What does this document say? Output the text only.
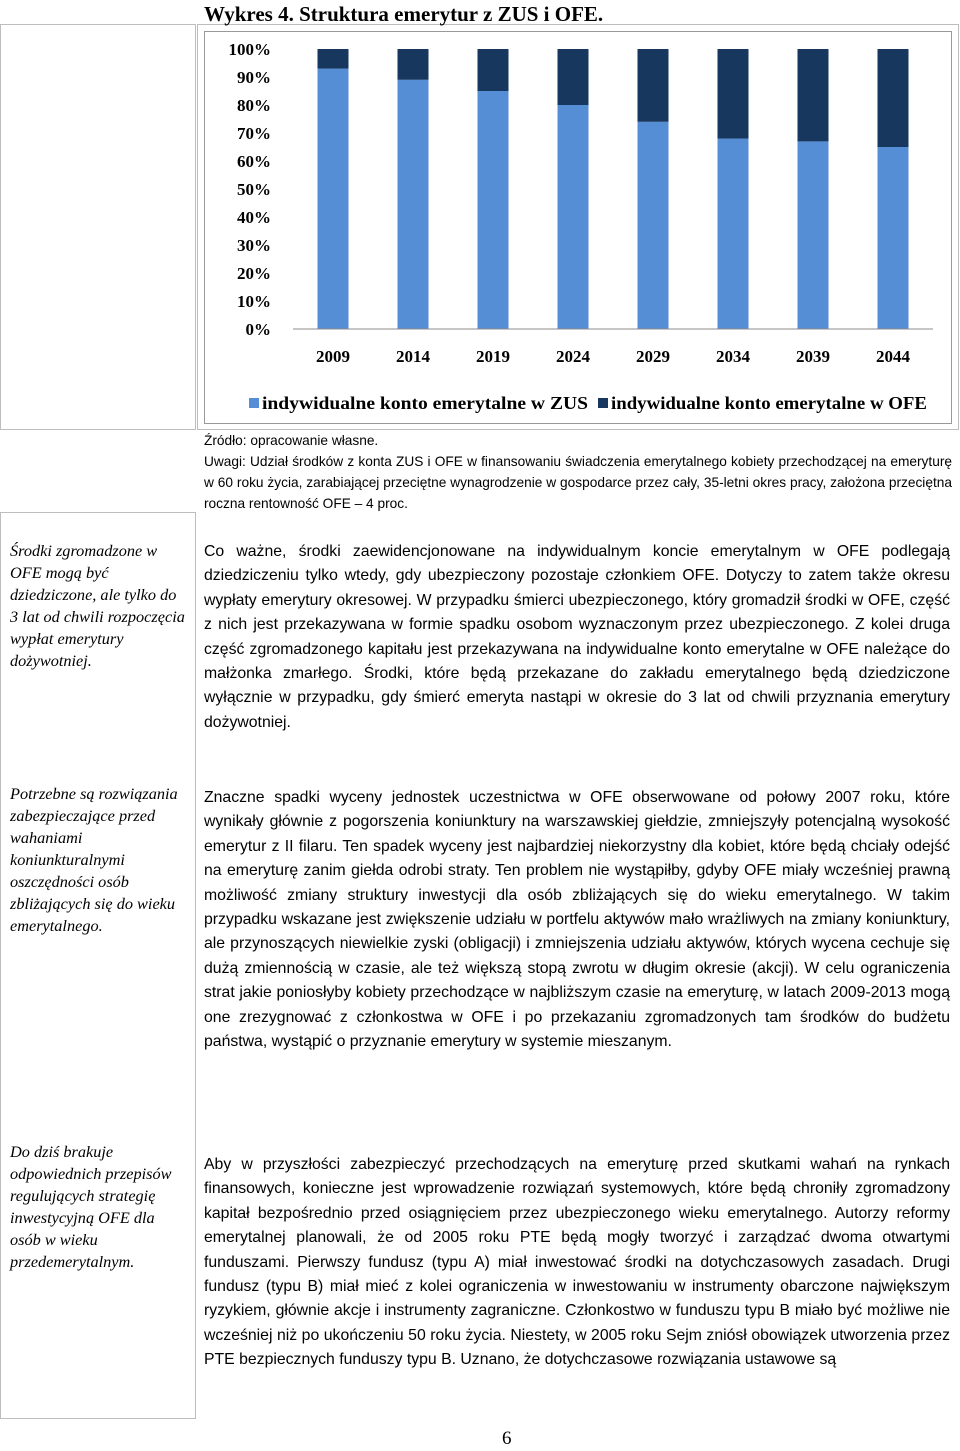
Wykres 4. Struktura emerytur z ZUS i OFE.
0%
10%
20%
30%
40%
50%
60%
70%
80%
90%
100%
2009	2014	2019	2024	2029	2034	2039	2044
indywidualne konto emerytalne w ZUS indywidualne konto emerytalne w OFE
Źródło: opracowanie własne.
Uwagi: Udział środków z konta ZUS i OFE w finansowaniu świadczenia emerytalnego kobiety przechodzącej na emeryturę w 60 roku życia, zarabiającej przeciętne wynagrodzenie w gospodarce przez cały, 35-letni okres pracy, założona przeciętna roczna rentowność OFE – 4 proc.
Środki zgromadzone w OFE mogą być dziedziczone, ale tylko do 3 lat od chwili rozpoczęcia wypłat emerytury dożywotniej.
Potrzebne są rozwiązania zabezpieczające przed wahaniami koniunkturalnymi oszczędności osób zbliżających się do wieku emerytalnego.
Do dziś brakuje odpowiednich przepisów regulujących strategię inwestycyjną OFE dla osób w wieku przedemerytalnym.

Co ważne, środki zaewidencjonowane na indywidualnym koncie emerytalnym w OFE podlegają dziedziczeniu tylko wtedy, gdy ubezpieczony pozostaje członkiem OFE. Dotyczy to zatem także okresu wypłaty emerytury okresowej. W przypadku śmierci ubezpieczonego, który gromadził środki w OFE, część z nich jest przekazywana w formie spadku osobom wyznaczonym przez ubezpieczonego. Z kolei druga część zgromadzonego kapitału jest przekazywana na indywidualne konto emerytalne w OFE należące do małżonka zmarłego. Środki, które będą przekazane do zakładu emerytalnego będą dziedziczone wyłącznie w przypadku, gdy śmierć emeryta nastąpi w okresie do 3 lat od chwili przyznania emerytury dożywotniej.

Znaczne spadki wyceny jednostek uczestnictwa w OFE obserwowane od połowy 2007 roku, które wynikały głównie z pogorszenia koniunktury na warszawskiej giełdzie, zmniejszyły potencjalną wysokość emerytur z II filaru. Ten spadek wyceny jest najbardziej niekorzystny dla kobiet, które będą chciały odejść na emeryturę zanim giełda odrobi straty. Ten problem nie wystąpiłby, gdyby OFE miały wcześniej prawną możliwość zmiany struktury inwestycji dla osób zbliżających się do wieku emerytalnego. W takim przypadku wskazane jest zwiększenie udziału w portfelu aktywów mało wrażliwych na zmiany koniunktury, ale przynoszących niewielkie zyski (obligacji) i zmniejszenia udziału aktywów, których wycena cechuje się dużą zmiennością w czasie, ale też większą stopą zwrotu w długim okresie (akcji). W celu ograniczenia strat jakie poniosłyby kobiety przechodzące w najbliższym czasie na emeryturę, w latach 2009-2013 mogą one zrezygnować z członkostwa w OFE i po przekazaniu zgromadzonych tam środków do budżetu państwa, wystąpić o przyznanie emerytury w systemie mieszanym.

Aby w przyszłości zabezpieczyć przechodzących na emeryturę przed skutkami wahań na rynkach finansowych, konieczne jest wprowadzenie rozwiązań systemowych, które będą chroniły zgromadzony kapitał bezpośrednio przed osiągnięciem przez ubezpieczonego wieku emerytalnego. Autorzy reformy emerytalnej planowali, że od 2005 roku PTE będą mogły tworzyć i zarządzać dwoma otwartymi funduszami. Pierwszy fundusz (typu A) miał inwestować środki na dotychczasowych zasadach. Drugi fundusz (typu B) miał mieć z kolei ograniczenia w inwestowaniu w instrumenty obarczone największym ryzykiem, głównie akcje i instrumenty zagraniczne. Członkostwo w funduszu typu B miało być możliwe nie wcześniej niż po ukończeniu 50 roku życia. Niestety, w 2005 roku Sejm zniósł obowiązek utworzenia przez PTE bezpiecznych funduszy typu B. Uznano, że dotychczasowe rozwiązania ustawowe są

6
